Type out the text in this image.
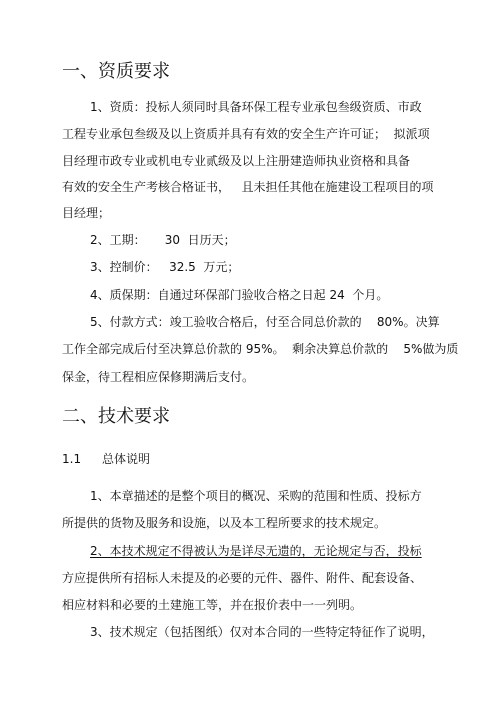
一、资质要求
1、资质：投标人须同时具备环保工程专业承包叁级资质、市政
工程专业承包叁级及以上资质并具有有效的安全生产许可证；  拟派项
目经理市政专业或机电专业贰级及以上注册建造师执业资格和具备
有效的安全生产考核合格证书，   且未担任其他在施建设工程项目的项
目经理；
2、工期：     30  日历天；
3、控制价：   32.5  万元；
4、质保期：自通过环保部门验收合格之日起 24  个月。
5、付款方式：竣工验收合格后，付至合同总价款的    80%。决算
工作全部完成后付至决算总价款的 95%。  剩余决算总价款的    5%做为质
保金，待工程相应保修期满后支付。
二、技术要求
1.1 总体说明
1、本章描述的是整个项目的概况、采购的范围和性质、投标方
所提供的货物及服务和设施，以及本工程所要求的技术规定。
2、本技术规定不得被认为是详尽无遗的，无论规定与否，投标
方应提供所有招标人未提及的必要的元件、器件、附件、配套设备、
相应材料和必要的土建施工等，并在报价表中一一列明。
3、技术规定（包括图纸）仅对本合同的一些特定特征作了说明，
